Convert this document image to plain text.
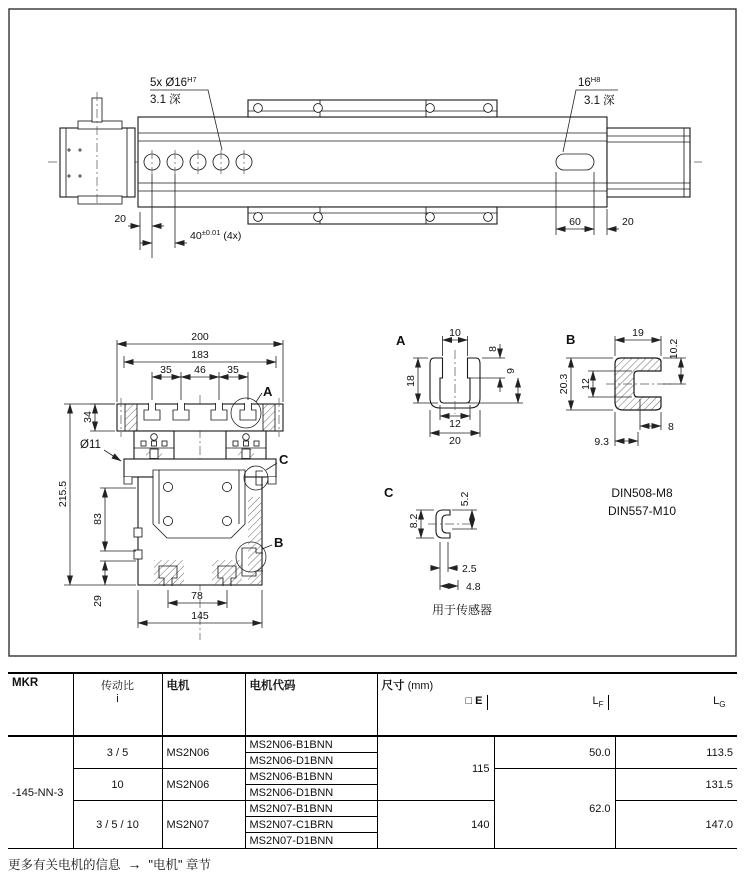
5x $Ø16^{H7}$
3.1 深
$16^{H8}$
3.1 深
20
$40^{\pm 0.01}$ (4x)
60	20
A
C
B
200
183
35 46 35
34
Ø11
215.5
83
29	78
145
A	10
8
9
18
12
20
B	19
10.2
20.3 12
8
9.3
DIN508-M8
DIN557-M10
C	5.2
8.2
2.5
4.8
用于传感器
MKR	传动比
i
	电机	电机代码	尺寸 (mm)
□ E	$L_F$	$L_G$

-145-NN-3	3 / 5	MS2N06	MS2N06-B1BNN	115	50.0	113.5
			MS2N06-D1BNN			
	10	MS2N06	MS2N06-B1BNN		62.0	131.5
			MS2N06-D1BNN			
	3 / 5 / 10	MS2N07	MS2N07-B1BNN	140		147.0
			MS2N07-C1BRN			
			MS2N07-D1BNN			
更多有关电机的信息 → "电机" 章节
